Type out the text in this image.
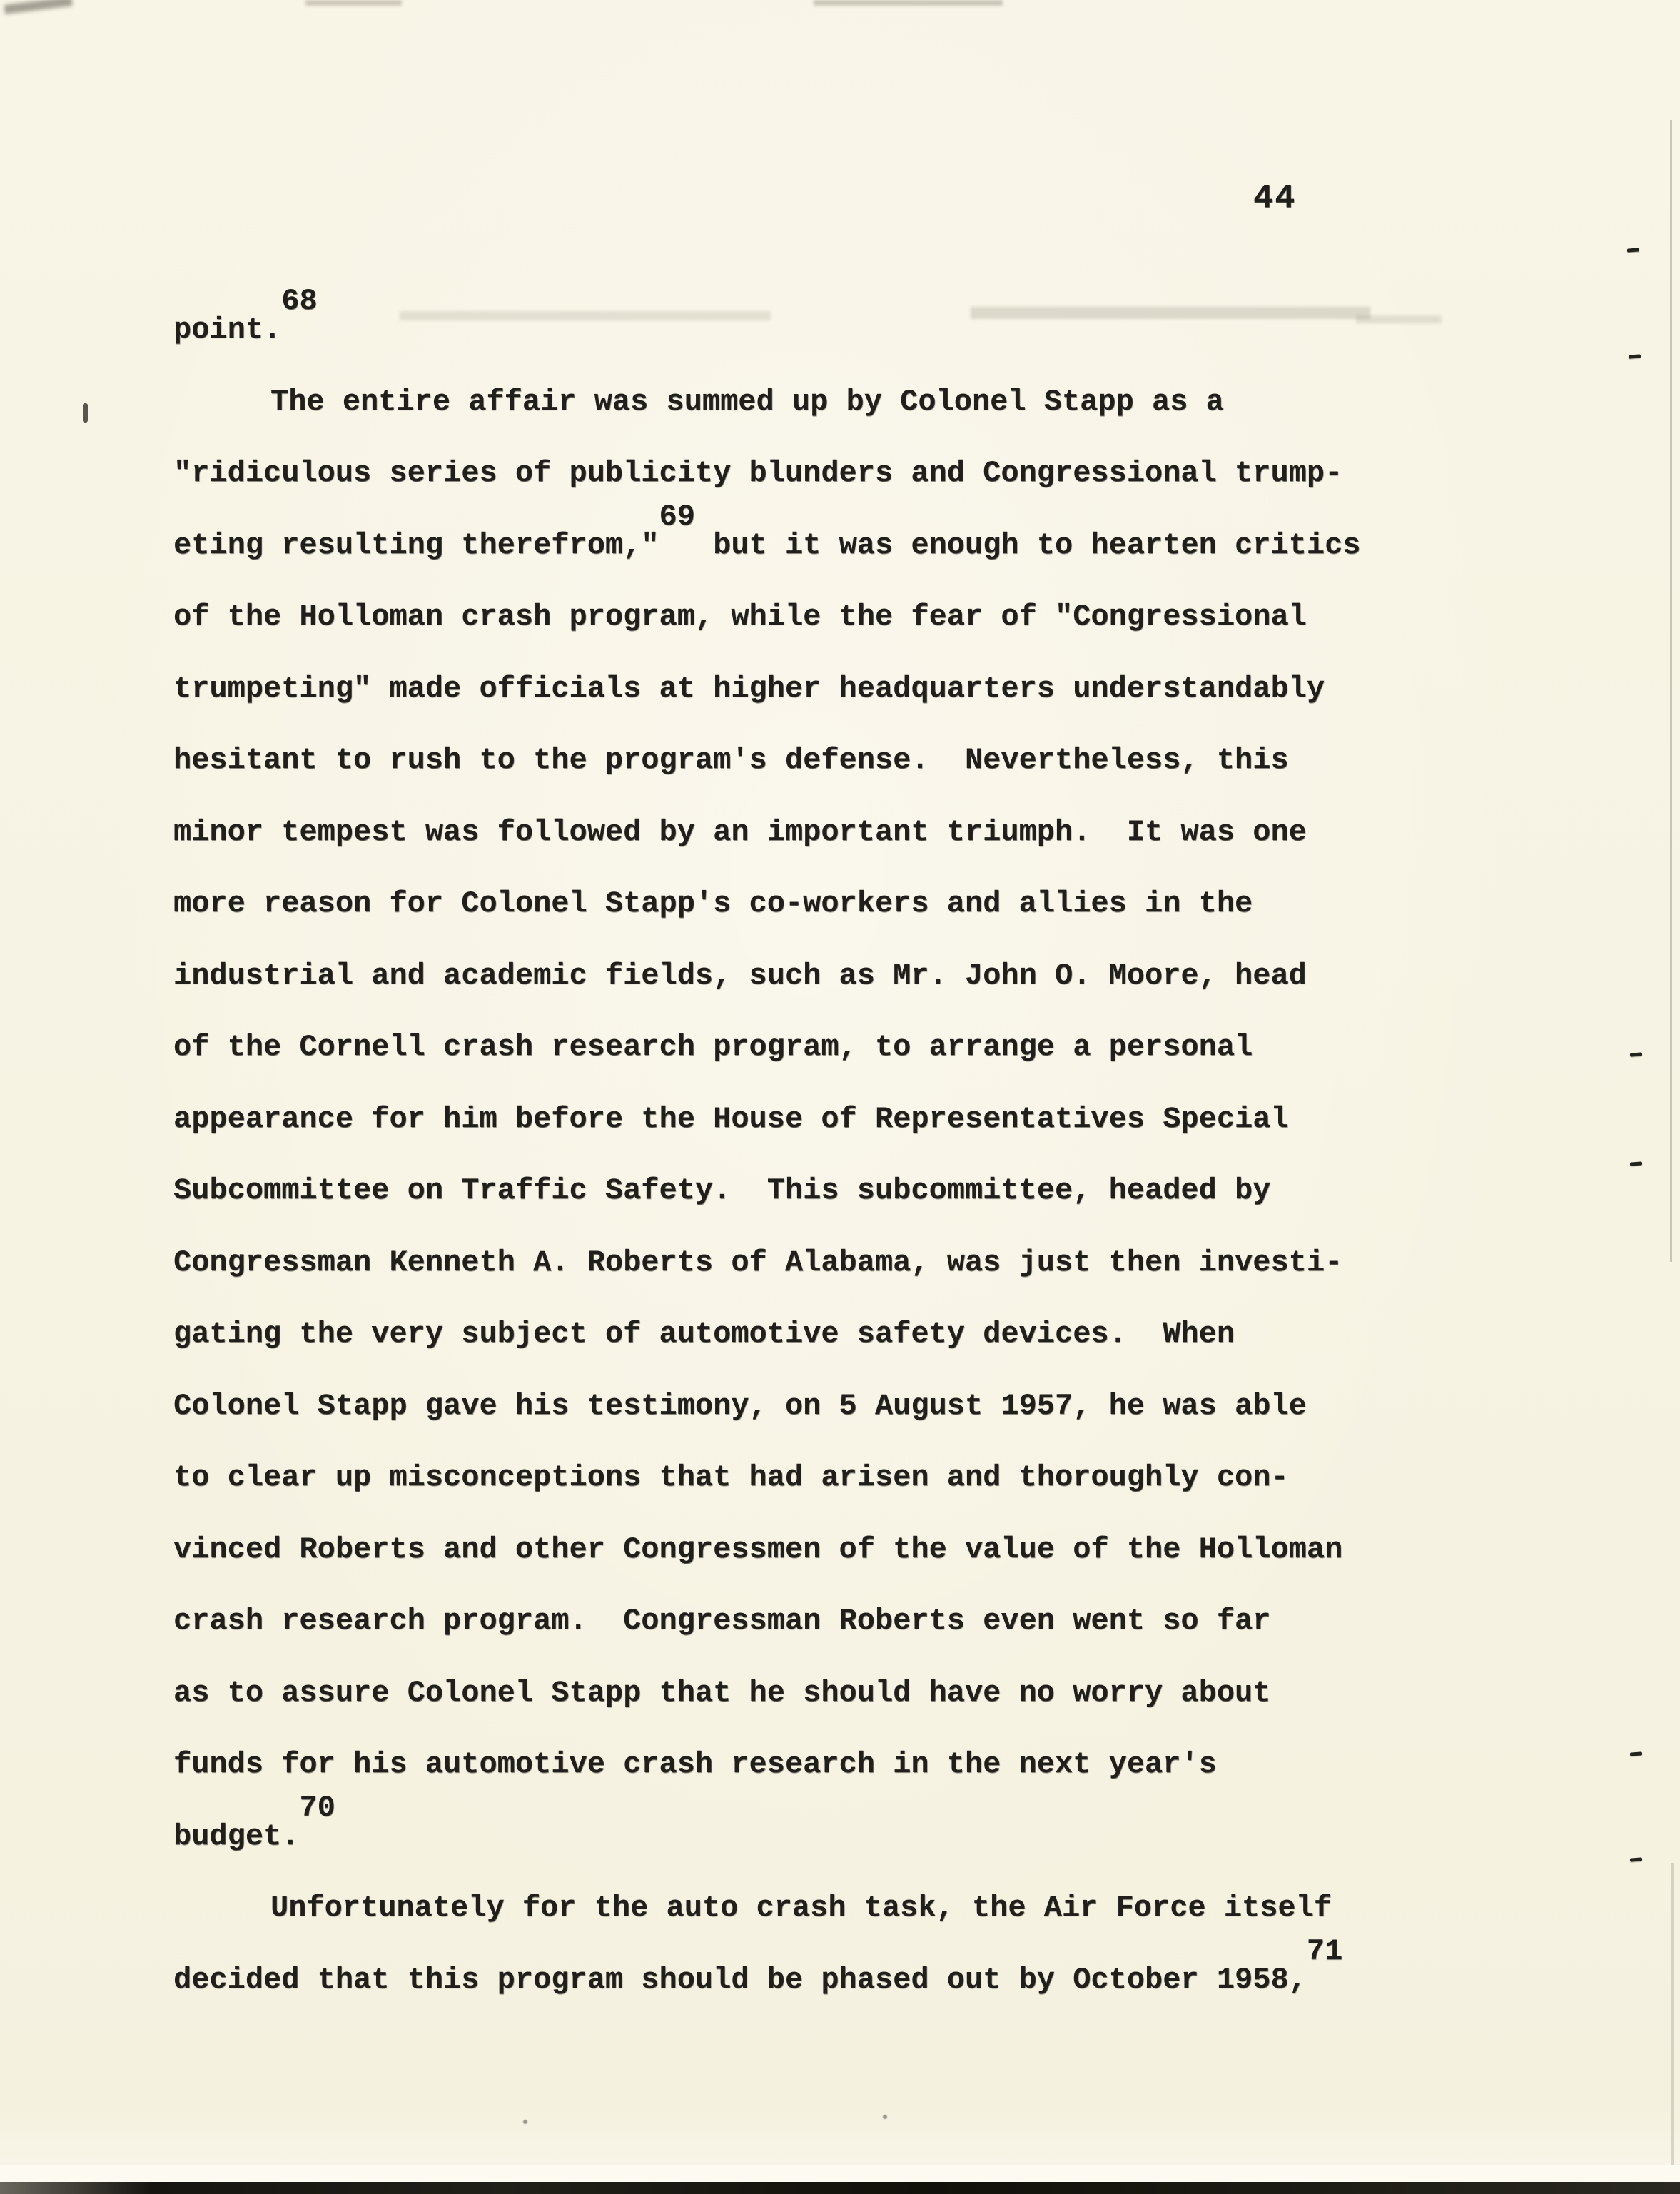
44
point.68
The entire affair was summed up by Colonel Stapp as a
"ridiculous series of publicity blunders and Congressional trump-
eting resulting therefrom,"69 but it was enough to hearten critics
of the Holloman crash program, while the fear of "Congressional
trumpeting" made officials at higher headquarters understandably
hesitant to rush to the program's defense.  Nevertheless, this
minor tempest was followed by an important triumph.  It was one
more reason for Colonel Stapp's co-workers and allies in the
industrial and academic fields, such as Mr. John O. Moore, head
of the Cornell crash research program, to arrange a personal
appearance for him before the House of Representatives Special
Subcommittee on Traffic Safety.  This subcommittee, headed by
Congressman Kenneth A. Roberts of Alabama, was just then investi-
gating the very subject of automotive safety devices.  When
Colonel Stapp gave his testimony, on 5 August 1957, he was able
to clear up misconceptions that had arisen and thoroughly con-
vinced Roberts and other Congressmen of the value of the Holloman
crash research program.  Congressman Roberts even went so far
as to assure Colonel Stapp that he should have no worry about
funds for his automotive crash research in the next year's
budget.70
Unfortunately for the auto crash task, the Air Force itself
decided that this program should be phased out by October 1958,71
